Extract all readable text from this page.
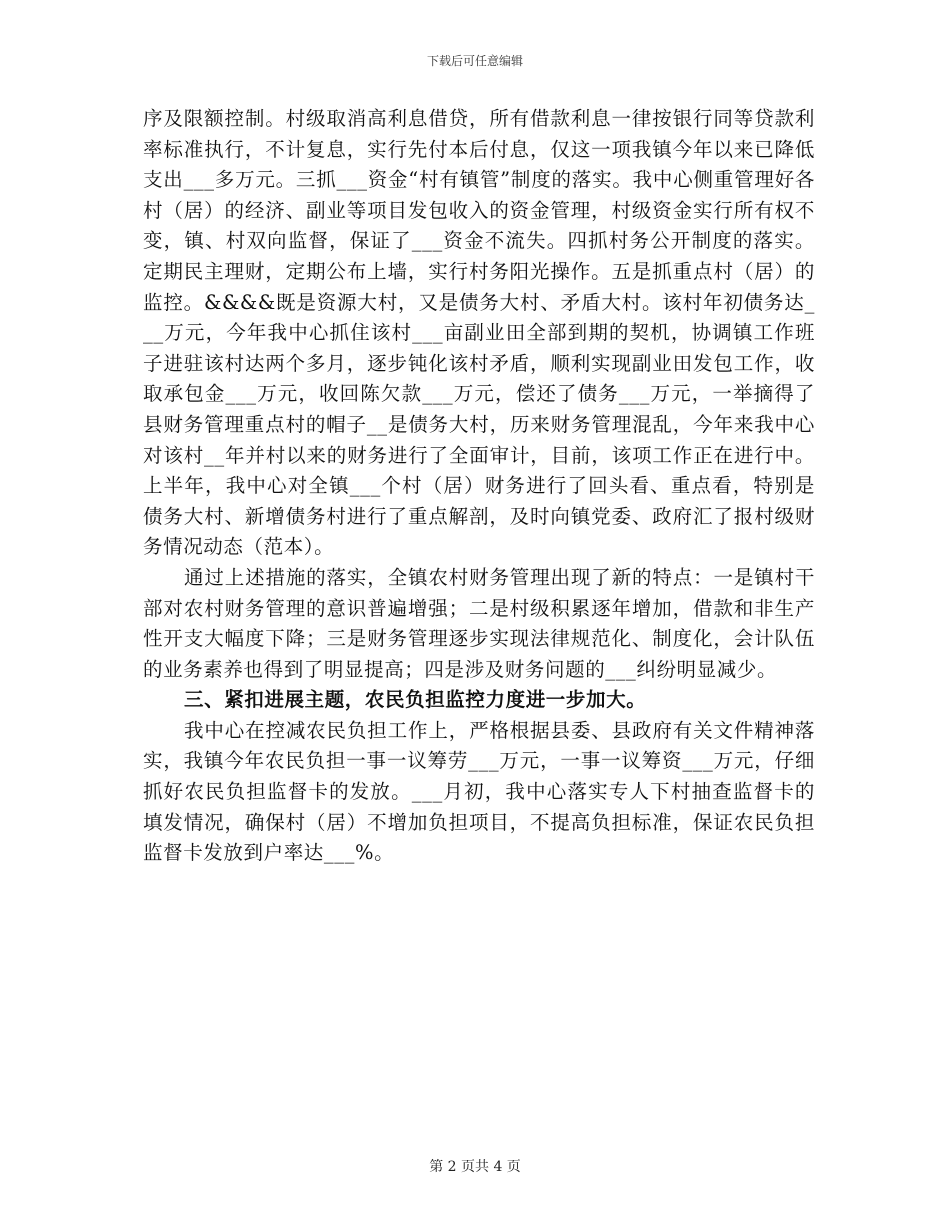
下载后可任意编辑

序及限额控制。村级取消高利息借贷，所有借款利息一律按银行同等贷款利率标准执行，不计复息，实行先付本后付息，仅这一项我镇今年以来已降低支出___多万元。三抓___资金“村有镇管”制度的落实。我中心侧重管理好各村（居）的经济、副业等项目发包收入的资金管理，村级资金实行所有权不变，镇、村双向监督，保证了___资金不流失。四抓村务公开制度的落实。定期民主理财，定期公布上墙，实行村务阳光操作。五是抓重点村（居）的监控。&&&&既是资源大村，又是债务大村、矛盾大村。该村年初债务达___万元，今年我中心抓住该村___亩副业田全部到期的契机，协调镇工作班子进驻该村达两个多月，逐步钝化该村矛盾，顺利实现副业田发包工作，收取承包金___万元，收回陈欠款___万元，偿还了债务___万元，一举摘得了县财务管理重点村的帽子__是债务大村，历来财务管理混乱，今年来我中心对该村__年并村以来的财务进行了全面审计，目前，该项工作正在进行中。上半年，我中心对全镇___个村（居）财务进行了回头看、重点看，特别是债务大村、新增债务村进行了重点解剖，及时向镇党委、政府汇了报村级财务情况动态（范本）。

通过上述措施的落实，全镇农村财务管理出现了新的特点：一是镇村干部对农村财务管理的意识普遍增强；二是村级积累逐年增加，借款和非生产性开支大幅度下降；三是财务管理逐步实现法律规范化、制度化，会计队伍的业务素养也得到了明显提高；四是涉及财务问题的___纠纷明显减少。

三、紧扣进展主题，农民负担监控力度进一步加大。

我中心在控减农民负担工作上，严格根据县委、县政府有关文件精神落实，我镇今年农民负担一事一议筹劳___万元，一事一议筹资___万元，仔细抓好农民负担监督卡的发放。___月初，我中心落实专人下村抽查监督卡的填发情况，确保村（居）不增加负担项目，不提高负担标准，保证农民负担监督卡发放到户率达___%。

第 2 页共 4 页
